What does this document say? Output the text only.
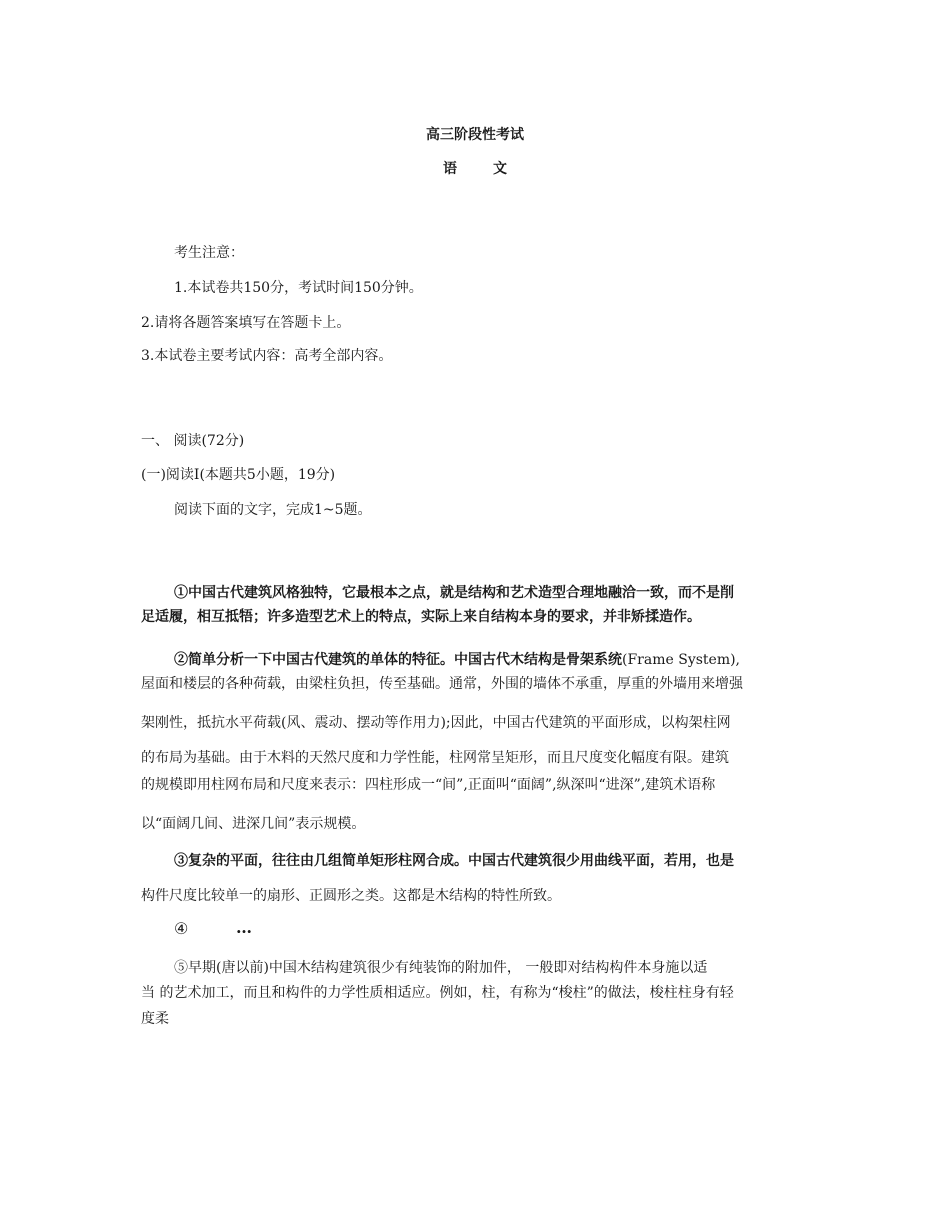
高三阶段性考试
语	文
考生注意：
1.本试卷共150分，考试时间150分钟。
2.请将各题答案填写在答题卡上。
3.本试卷主要考试内容：高考全部内容。
一、 阅读(72分)
(一)阅读Ⅰ(本题共5小题，19分)
阅读下面的文字，完成1~5题。
①中国古代建筑风格独特，它最根本之点，就是结构和艺术造型合理地融洽一致，而不是削
足适履，相互抵牾；许多造型艺术上的特点，实际上来自结构本身的要求，并非矫揉造作。
②简单分析一下中国古代建筑的单体的特征。中国古代木结构是骨架系统(Frame System),
屋面和楼层的各种荷载，由梁柱负担，传至基础。通常，外围的墙体不承重，厚重的外墙用来增强
架刚性，抵抗水平荷载(风、震动、摆动等作用力);因此，中国古代建筑的平面形成，以构架柱网
的布局为基础。由于木料的天然尺度和力学性能，柱网常呈矩形，而且尺度变化幅度有限。建筑
的规模即用柱网布局和尺度来表示：四柱形成一“间”,正面叫“面阔”,纵深叫“进深”,建筑术语称
以“面阔几间、进深几间”表示规模。
③复杂的平面，往往由几组简单矩形柱网合成。中国古代建筑很少用曲线平面，若用，也是
构件尺度比较单一的扇形、正圆形之类。这都是木结构的特性所致。
④	…
⑤早期(唐以前)中国木结构建筑很少有纯装饰的附加件， 一般即对结构构件本身施以适
当 的艺术加工，而且和构件的力学性质相适应。例如，柱，有称为“梭柱”的做法，梭柱柱身有轻
度柔
